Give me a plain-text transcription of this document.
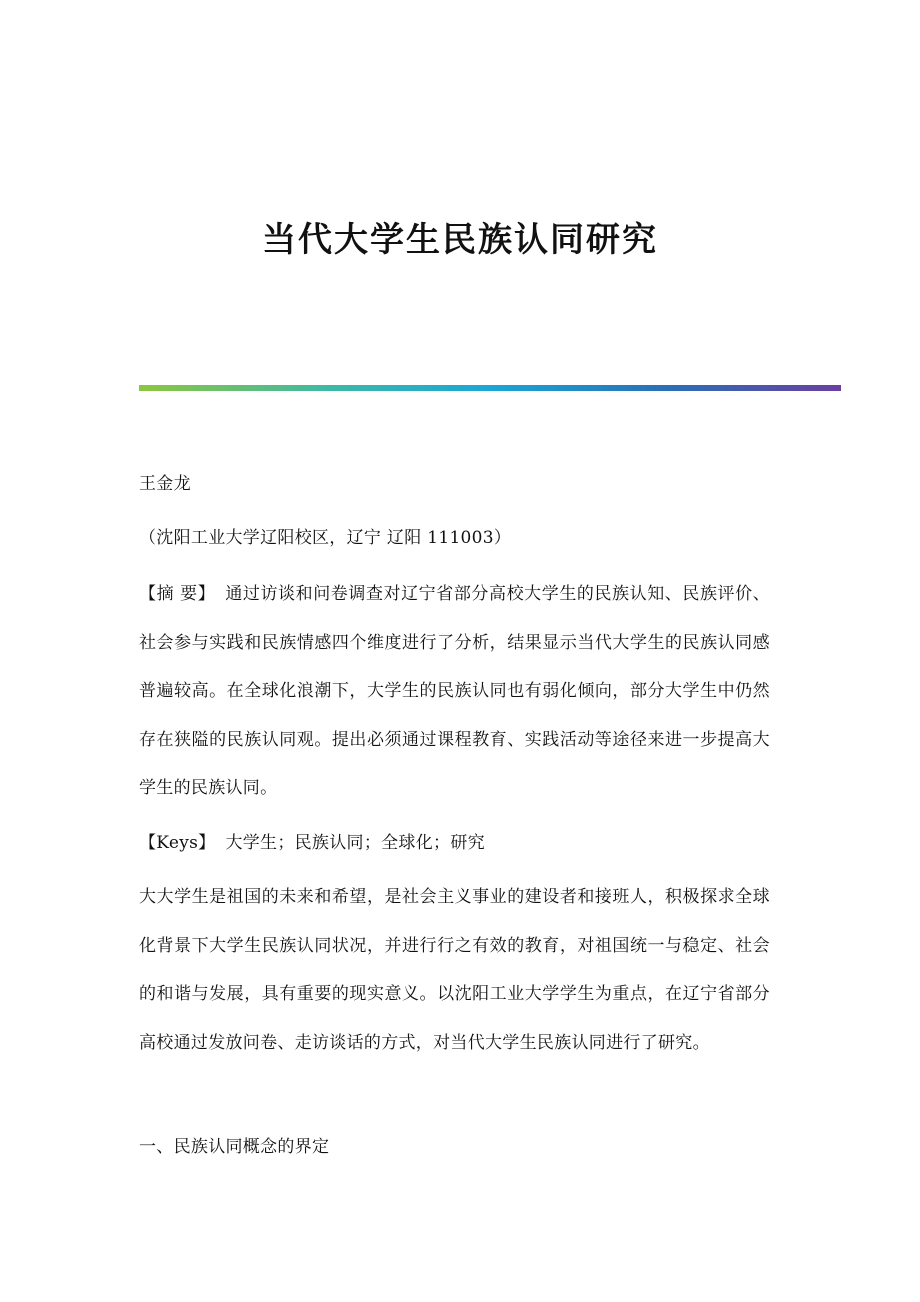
当代大学生民族认同研究

王金龙

（沈阳工业大学辽阳校区，辽宁 辽阳 111003）

【摘 要】 通过访谈和问卷调查对辽宁省部分高校大学生的民族认知、民族评价、社会参与实践和民族情感四个维度进行了分析，结果显示当代大学生的民族认同感普遍较高。在全球化浪潮下，大学生的民族认同也有弱化倾向，部分大学生中仍然存在狭隘的民族认同观。提出必须通过课程教育、实践活动等途径来进一步提高大学生的民族认同。

【Keys】 大学生；民族认同；全球化；研究

大大学生是祖国的未来和希望，是社会主义事业的建设者和接班人，积极探求全球化背景下大学生民族认同状况，并进行行之有效的教育，对祖国统一与稳定、社会的和谐与发展，具有重要的现实意义。以沈阳工业大学学生为重点，在辽宁省部分高校通过发放问卷、走访谈话的方式，对当代大学生民族认同进行了研究。

一、民族认同概念的界定
